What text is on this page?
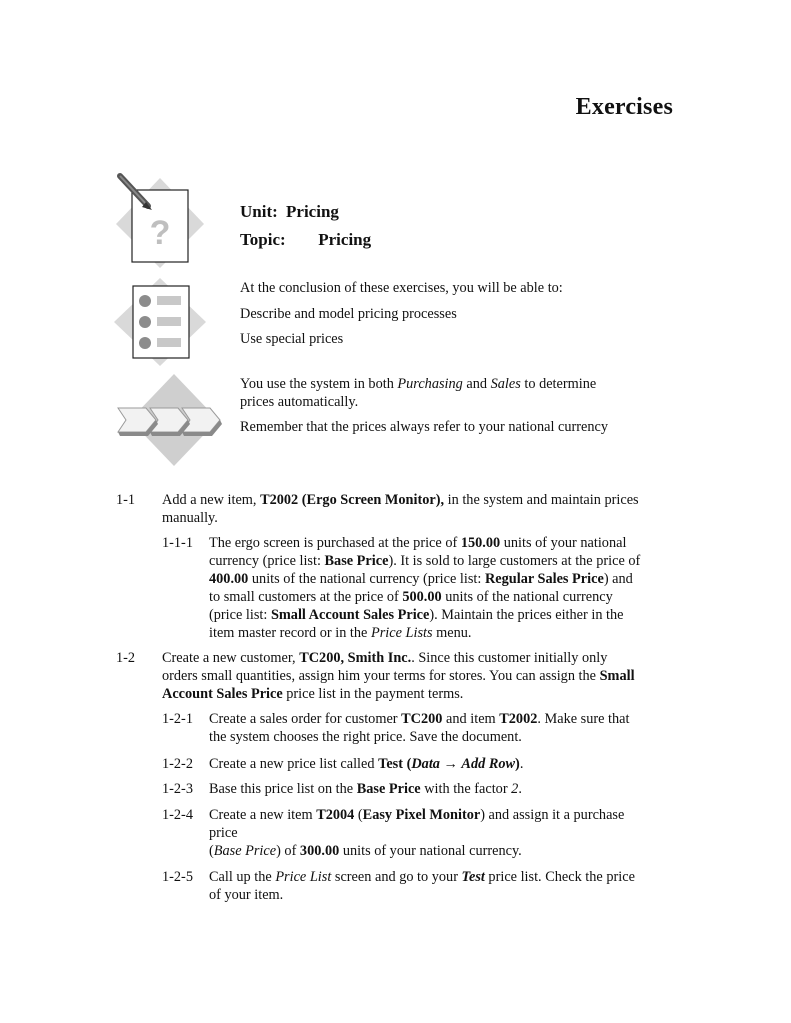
Exercises
?
Unit: Pricing
Topic: Pricing
At the conclusion of these exercises, you will be able to:
Describe and model pricing processes
Use special prices
You use the system in both Purchasing and Sales to determine
prices automatically.
Remember that the prices always refer to your national currency
1-1 Add a new item, T2002 (Ergo Screen Monitor), in the system and maintain prices
manually.
1-1-1 The ergo screen is purchased at the price of 150.00 units of your national
currency (price list: Base Price). It is sold to large customers at the price of
400.00 units of the national currency (price list: Regular Sales Price) and
to small customers at the price of 500.00 units of the national currency
(price list: Small Account Sales Price). Maintain the prices either in the
item master record or in the Price Lists menu.
1-2 Create a new customer, TC200, Smith Inc.. Since this customer initially only
orders small quantities, assign him your terms for stores. You can assign the Small
Account Sales Price price list in the payment terms.
1-2-1 Create a sales order for customer TC200 and item T2002. Make sure that
the system chooses the right price. Save the document.
1-2-2 Create a new price list called Test (Data → Add Row).
1-2-3 Base this price list on the Base Price with the factor 2.
1-2-4 Create a new item T2004 (Easy Pixel Monitor) and assign it a purchase
price
(Base Price) of 300.00 units of your national currency.
1-2-5 Call up the Price List screen and go to your Test price list. Check the price
of your item.
